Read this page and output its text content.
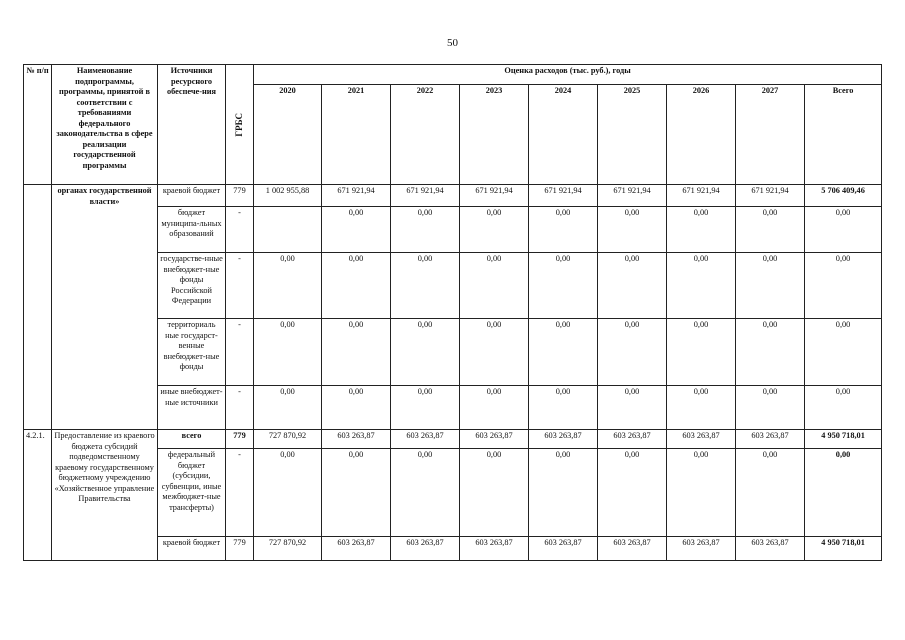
50
№ п/п	Наименование подпрограммы, программы, принятой в соответствии с требованиями федерального законодательства в сфере реализации государственной программы	Источники ресурсного обеспече-ния	ГРБС	Оценка расходов (тыс. руб.), годы								
				2020	2021	2022	2023	2024	2025	2026	2027	Всего
	органах государственной власти»	краевой бюджет	779	1 002 955,88	671 921,94	671 921,94	671 921,94	671 921,94	671 921,94	671 921,94	671 921,94	5 706 409,46
		бюджет муниципа-льных образований	-		0,00	0,00	0,00	0,00	0,00	0,00	0,00	0,00
		государстве-нные внебюджет-ные фонды Российской Федерации	-	0,00	0,00	0,00	0,00	0,00	0,00	0,00	0,00	0,00
		территориаль ные государст-венные внебюджет-ные фонды	-	0,00	0,00	0,00	0,00	0,00	0,00	0,00	0,00	0,00
		иные внебюджет-ные источники	-	0,00	0,00	0,00	0,00	0,00	0,00	0,00	0,00	0,00
4.2.1.	Предоставление из краевого бюджета субсидий подведомственному краевому государственному бюджетному учреждению «Хозяйственное управление Правительства	всего	779	727 870,92	603 263,87	603 263,87	603 263,87	603 263,87	603 263,87	603 263,87	603 263,87	4 950 718,01
		федеральный бюджет (субсидии, субвенции, иные межбюджет-ные трансферты)	-	0,00	0,00	0,00	0,00	0,00	0,00	0,00	0,00	0,00
		краевой бюджет	779	727 870,92	603 263,87	603 263,87	603 263,87	603 263,87	603 263,87	603 263,87	603 263,87	4 950 718,01
